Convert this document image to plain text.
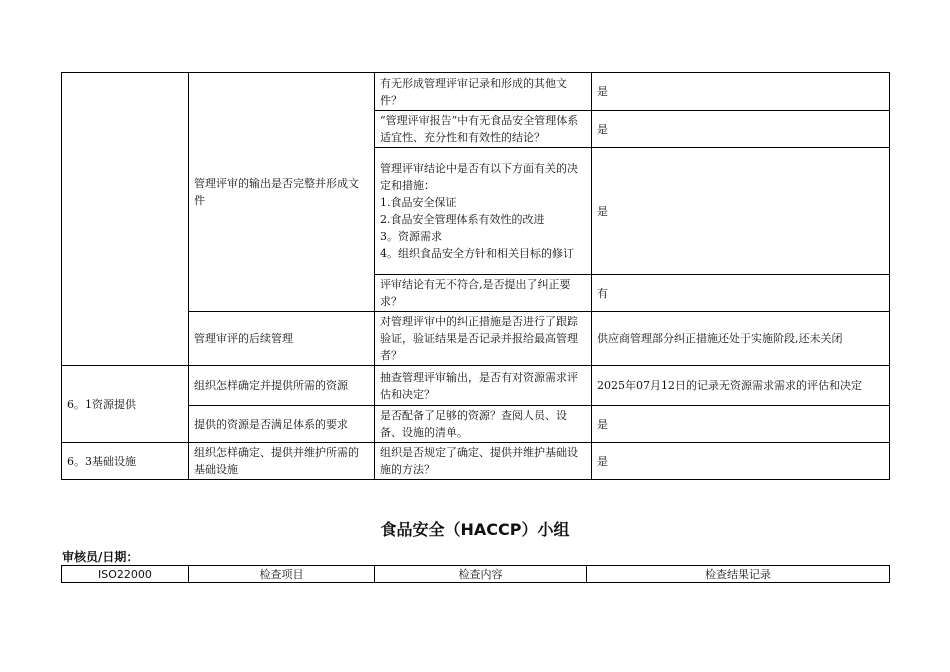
	管理评审的输出是否完整并形成文件	有无形成管理评审记录和形成的其他文件？	是
		“管理评审报告”中有无食品安全管理体系适宜性、充分性和有效性的结论？	是
		管理评审结论中是否有以下方面有关的决定和措施：
1.食品安全保证
2.食品安全管理体系有效性的改进
3。资源需求
4。组织食品安全方针和相关目标的修订	是
		评审结论有无不符合,是否提出了纠正要求？	有
	管理审评的后续管理	对管理评审中的纠正措施是否进行了跟踪验证，验证结果是否记录并报给最高管理者？	供应商管理部分纠正措施还处于实施阶段,还未关闭
6。1资源提供	组织怎样确定并提供所需的资源	抽查管理评审输出，是否有对资源需求评估和决定？	2025年07月12日的记录无资源需求需求的评估和决定
	提供的资源是否满足体系的要求	是否配备了足够的资源？查阅人员、设备、设施的清单。	是
6。3基础设施	组织怎样确定、提供并维护所需的基础设施	组织是否规定了确定、提供并维护基础设施的方法？	是
食品安全（HACCP）小组
审核员/日期：
ISO22000	检查项目	检查内容	检查结果记录
